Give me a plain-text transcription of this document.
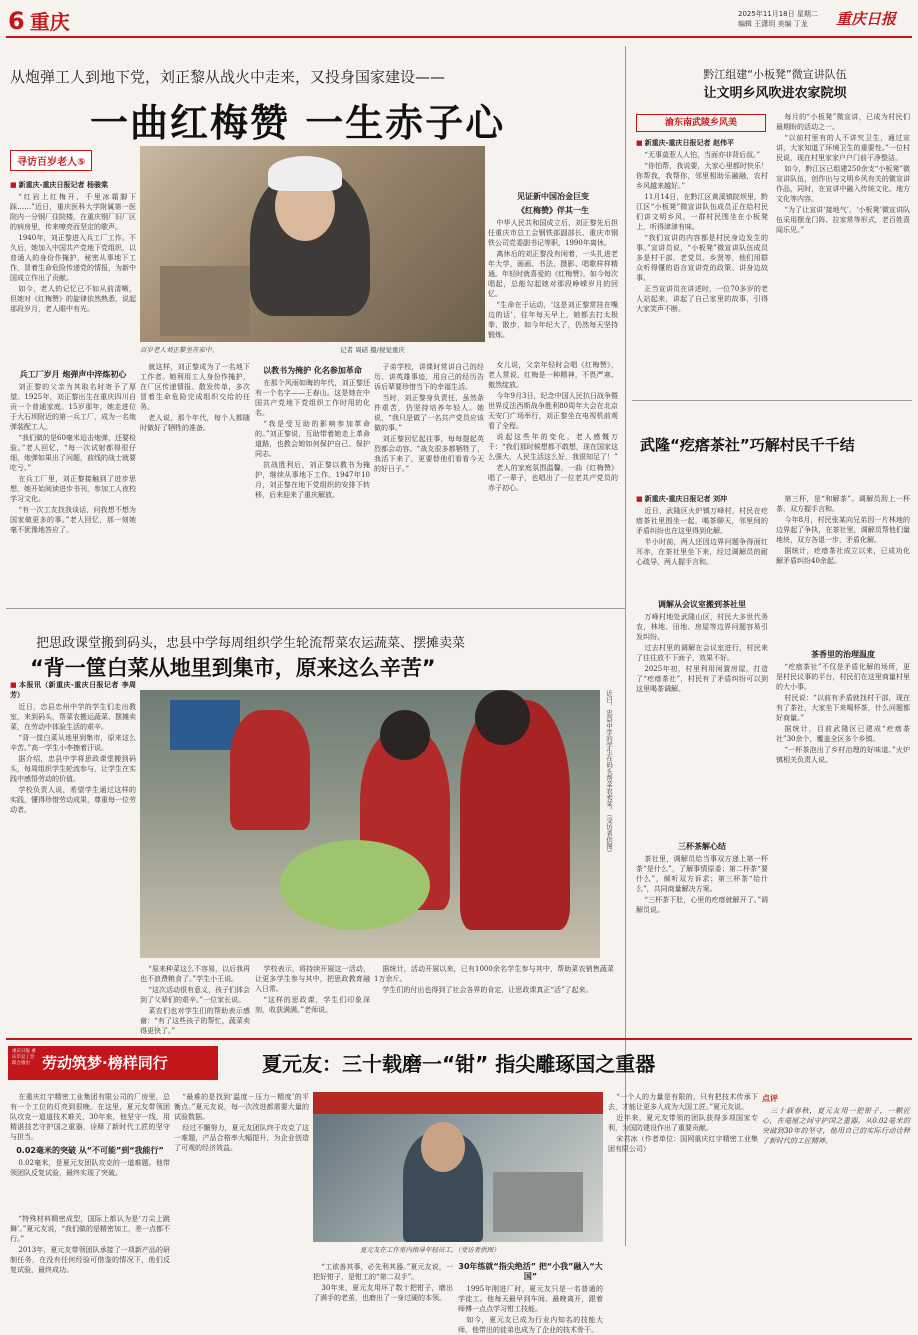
6 重庆	2025年11月18日 星期二
编辑 王潇玥 美编 丁龙 重庆日报
从炮弹工人到地下党，刘正黎从战火中走来，又投身国家建设——
一曲红梅赞 一生赤子心
寻访百岁老人⑤
百岁老人刘正黎坐在家中。	记者 周碚 摄/视觉重庆
■ 新重庆-重庆日报记者 杨骏棠

“红岩上红梅开，千里冰霜脚下踩……”近日，重庆医科大学附属第一医院内一分钢厂住院楼，在重庆钢厂旧厂区的病房里，传来嘹亮而坚定的歌声。

1940年，刘正黎进入兵工厂工作。不久后，她加入中国共产党地下党组织，以普通人的身份作掩护，秘密从事地下工作，冒着生命危险传递党的情报，为新中国成立作出了贡献。

如今，老人的记忆已不如从前清晰，但她对《红梅赞》的旋律依然熟悉，说起那段岁月，老人眼中有光。

兵工厂岁月 炮弹声中淬炼初心

刘正黎的父亲为其取名时寄予了厚望。1925年，刘正黎出生在重庆四川自贡一个普通家庭。15岁那年，她走进位于大石坝附近的第一兵工厂，成为一名炮弹装配工人。

“我们做的是60毫米迫击炮弹，还要检验。”老人回忆，“每一次试射都得很仔细，炮弹如果出了问题，前线的战士就要吃亏。”

在兵工厂里，刘正黎接触到了进步思想，她开始阅读进步书刊，参加工人夜校学习文化。

“有一次工友找我谈话，问我想不想为国家做更多的事。”老人回忆，那一刻她毫不犹豫地答应了。

就这样，刘正黎成为了一名地下工作者。她利用工人身份作掩护，在厂区传递情报、散发传单，多次冒着生命危险完成组织交给的任务。

老人说，那个年代，每个人都随时做好了牺牲的准备。

以教书为掩护 化名参加革命

在那个风雨如晦的年代，刘正黎还有一个名字——王春山。这是她在中国共产党地下党组织工作时用的化名。

“我是受互助的影响参加革命的。”刘正黎说，互助带着她走上革命道路，也教会她如何保护自己、保护同志。

抗战胜利后，刘正黎以教书为掩护，继续从事地下工作。1947年10月，刘正黎在地下党组织的安排下转移，后来迎来了重庆解放。

子弟学校，讲课时常讲自己的经历、讲英雄事迹，用自己的经历告诉后辈要珍惜当下的幸福生活。

当时，刘正黎身负责任，虽然条件艰苦，仍坚持培养年轻人。她说，“我只是做了一名共产党员应该做的事。”

刘正黎回忆起往事，每每提起英烈都会动容。“战友很多都牺牲了，我活下来了，更要替他们看看今天的好日子。”

见证新中国冶金巨变
《红梅赞》伴其一生

中华人民共和国成立后，刘正黎先后担任重庆市总工会钢铁部副部长、重庆市钢铁公司党委副书记等职，1990年离休。

离休后的刘正黎没有闲着，一头扎进老年大学，画画、书法、摄影、唱歌样样精通。年轻时就喜爱的《红梅赞》，如今每次唱起，总能勾起她对那段峥嵘岁月的回忆。

“生命在于运动，‘这是刘正黎常挂在嘴边的话’，往年每天早上，她都去打太极拳、散步，如今年纪大了，仍然每天坚持锻炼。

女儿说，父亲年轻时会唱《红梅赞》，老人常说，红梅是一种精神，不畏严寒、傲然绽放。

今年9月3日，纪念中国人民抗日战争暨世界反法西斯战争胜利80周年大会在北京天安门广场举行，刘正黎坐在电视机前观看了全程。

说起这些年的变化，老人感慨万千：“我们那时候想都不敢想，现在国家这么强大，人民生活这么好，我很知足了！”

老人的家庭氛围温馨，一曲《红梅赞》唱了一辈子，也唱出了一位老共产党员的赤子初心。

黔江组建“小板凳”微宣讲队伍
让文明乡风吹进农家院坝
渝东南武陵乡风美
■ 新重庆-重庆日报记者 赵伟平

“无事莫惹人人怕，当面亦非背后叔。”

“你怕帮，我说要，大家心里都时快乐！你帮我，我帮你，邻里相助乐融融，农村乡风越来越好。”

11月14日，在黔江区黄溪镇院坝里，黔江区“小板凳”微宣讲队伍成员正在给村民们讲文明乡风，一群村民围坐在小板凳上，听得津津有味。

“我们宣讲的内容都是村民身边发生的事。”宣讲员说，“小板凳”微宣讲队伍成员多是村干部、老党员、乡贤等，他们用群众听得懂的语言宣讲党的政策、讲身边故事。

正当宣讲员在讲述时，一位70多岁的老人站起来，讲起了自己家里的故事，引得大家笑声不断。

每月的“小板凳”微宣讲，已成为村民们最期盼的活动之一。

“以前村里有的人不讲究卫生，通过宣讲，大家知道了环境卫生的重要性。”一位村民说，现在村里家家户户门前干净整洁。

如今，黔江区已组建250余支“小板凳”微宣讲队伍，创作出与文明乡风有关的微宣讲作品，同时，在宣讲中融入传统文化、地方文化等内容。

“为了让宣讲‘接地气’，‘小板凳’微宣讲队伍采用摆龙门阵、拉家常等形式，老百姓喜闻乐见。”

武隆“疙瘩茶社”巧解村民千千结
■ 新重庆-重庆日报记者 刘冲

近日，武隆区火炉镇万峰村，村民在疙瘩茶社里围坐一起，喝茶聊天，邻里间的矛盾纠纷也在这里得到化解。

半小时前，两人还因边界问题争得面红耳赤，在茶社里坐下来，经过调解员的耐心疏导，两人握手言和。

调解从会议室搬到茶社里

万峰村地处武隆山区，村民大多世代务农，林地、田地、房屋等边界问题容易引发纠纷。

过去村里的调解在会议室进行，村民来了往往放不下面子，效果不好。

2025年初，村里利用闲置房屋，打造了“疙瘩茶社”，村民有了矛盾纠纷可以到这里喝茶调解。

三杯茶解心结

茶社里，调解员给当事双方递上第一杯茶“是什么”，了解事情原委；第二杯茶“要什么”，倾听双方诉求；第三杯茶“给什么”，共同商量解决方案。

“三杯茶下肚，心里的疙瘩就解开了。”调解员说。

第三杯，是“和解茶”。调解员沏上一杯茶，双方握手言和。

今年8月，村民张某向兄弟因一片林地的边界起了争执，在茶社里，调解员帮他们量地块，双方各退一步，矛盾化解。

据统计，疙瘩茶社成立以来，已成功化解矛盾纠纷40余起。

茶香里的治理温度

“疙瘩茶社”不仅是矛盾化解的场所，更是村民议事的平台，村民们在这里商量村里的大小事。

村民说：“以前有矛盾就找村干部，现在有了茶社，大家坐下来喝杯茶，什么问题都好商量。”

据统计，目前武隆区已建成“疙瘩茶社”30余个，覆盖全区多个乡镇。

“一杯茶泡出了乡村治理的好味道。”火炉镇相关负责人说。

把思政课堂搬到码头，忠县中学每周组织学生轮流帮菜农运蔬菜、摆摊卖菜
“背一筐白菜从地里到集市，原来这么辛苦”
近日，忠县中学的学生在码头帮菜农卖菜。（受访者供图）
■ 本报讯（新重庆-重庆日报记者 李周芳）

近日，忠县忠州中学的学生们走出教室，来到码头，帮菜农搬运蔬菜、摆摊卖菜，在劳动中体验生活的艰辛。

“背一筐白菜从地里到集市，原来这么辛苦。”高一学生小李擦着汗说。

据介绍，忠县中学将思政课堂搬到码头，每周组织学生轮流参与，让学生在实践中感悟劳动的价值。

学校负责人说，希望学生通过这样的实践，懂得珍惜劳动成果，尊重每一位劳动者。

“原来种菜这么不容易，以后我再也不浪费粮食了。”学生小王说。

“这次活动很有意义，孩子们体会到了父辈们的艰辛。”一位家长说。

菜农们也对学生们的帮助表示感谢：“有了这些孩子的帮忙，蔬菜卖得更快了。”

学校表示，将持续开展这一活动，让更多学生参与其中，把思政教育融入日常。

“这样的思政课，学生们印象深刻，收获满满。”老师说。

据统计，活动开展以来，已有1000余名学生参与其中，帮助菜农销售蔬菜1万余斤。

学生们的付出也得到了社会各界的肯定，让思政课真正“活”了起来。

重庆日报 重庆市总工会联合推出 劳动筑梦·榜样同行	夏元友：三十载磨一“钳” 指尖雕琢国之重器

在重庆红宇精密工业集团有限公司的厂房里，总有一个工位的灯亮到很晚。在这里，夏元友带领团队攻克一道道技术难关，30年来，他坚守一线，用精湛技艺守护国之重器，诠释了新时代工匠的坚守与担当。

0.02毫米的突破 从“不可能”到“我能行”

0.02毫米，是夏元友团队攻克的一道难题。他带领团队反复试验，最终实现了突破。

“特殊材料精密成型，国际上都认为是‘刀尖上跳舞’。”夏元友说，“我们做的是精密加工，差一点都不行。”

2013年，夏元友带领团队承接了一项新产品的研制任务，在没有任何经验可借鉴的情况下，他们反复试验，最终成功。

“最难的是找到‘温度－压力－精度’的平衡点。”夏元友说，每一次改进都需要大量的试验数据。

经过不懈努力，夏元友团队终于攻克了这一难题，产品合格率大幅提升，为企业创造了可观的经济效益。

夏元友在工作室内指导年轻员工。（受访者供图）

“工欲善其事，必先利其器。”夏元友说，一把好钳子，是钳工的“第二双手”。

30年来，夏元友用坏了数十把钳子，磨出了满手的老茧，也磨出了一身过硬的本领。

30年练就“指尖绝活” 把“小我”融入“大国”

1995年刚进厂时，夏元友只是一名普通的学徒工。他每天最早到车间、最晚离开，跟着师傅一点点学习钳工技能。

如今，夏元友已成为行业内知名的技能大师，他带出的徒弟也成为了企业的技术骨干。

“一个人的力量是有限的，只有把技术传承下去，才能让更多人成为大国工匠。”夏元友说。

近年来，夏元友带领的团队获得多项国家专利，为国防建设作出了重要贡献。

宋君冰（作者单位：国网重庆红宇精密工业集团有限公司）

点评

三十载春秋，夏元友用一把钳子，一颗匠心，在毫厘之间守护国之重器。从0.02毫米的突破到30年的坚守，他用自己的实际行动诠释了新时代的工匠精神。
